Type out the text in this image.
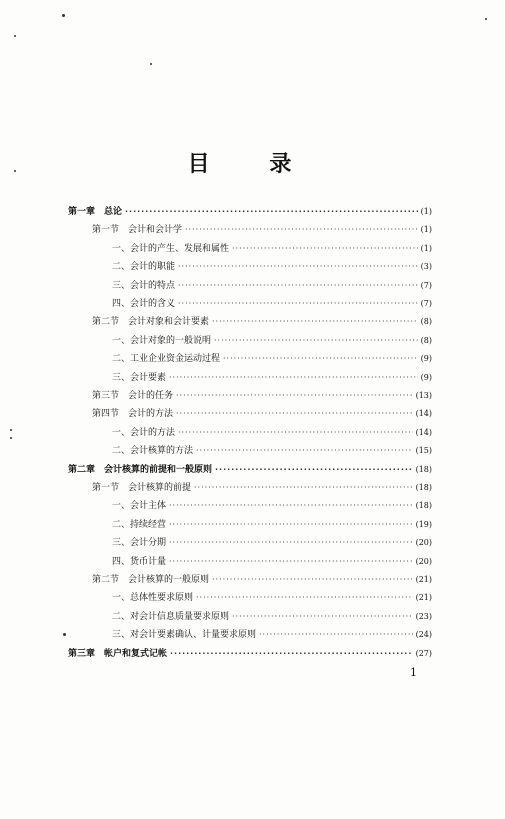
目 录
第一章　总论 ·····	(1)
第一节　会计和会计学 ·····	(1)
一、会计的产生、发展和属性 ·····	(1)
二、会计的职能 ·····	(3)
三、会计的特点 ·····	(7)
四、会计的含义 ·····	(7)
第二节　会计对象和会计要素 ·····	(8)
一、会计对象的一般说明 ·····	(8)
二、工业企业资金运动过程 ·····	(9)
三、会计要素 ·····	(9)
第三节　会计的任务 ·····	(13)
第四节　会计的方法 ·····	(14)
一、会计的方法 ·····	(14)
二、会计核算的方法 ·····	(15)
第二章　会计核算的前提和一般原则 ·····	(18)
第一节　会计核算的前提 ·····	(18)
一、会计主体 ·····	(18)
二、持续经营 ·····	(19)
三、会计分期 ·····	(20)
四、货币计量 ·····	(20)
第二节　会计核算的一般原则 ·····	(21)
一、总体性要求原则 ·····	(21)
二、对会计信息质量要求原则 ·····	(23)
三、对会计要素确认、计量要求原则 ·····	(24)
第三章　帐户和复式记帐 ·····	(27)
1
